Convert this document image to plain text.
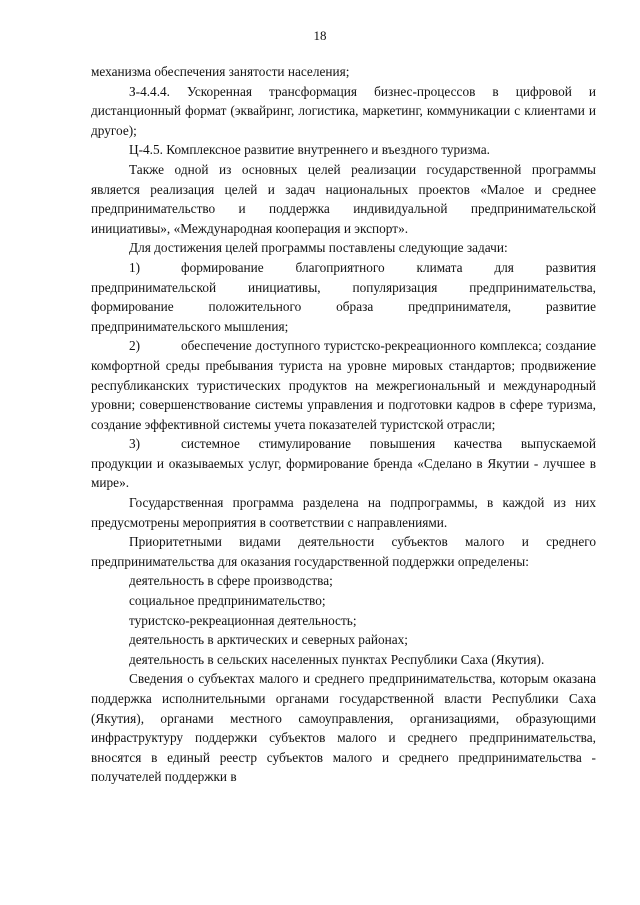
18

механизма обеспечения занятости населения;

З-4.4.4. Ускоренная трансформация бизнес-процессов в цифровой и дистанционный формат (эквайринг, логистика, маркетинг, коммуникации с клиентами и другое);

Ц-4.5. Комплексное развитие внутреннего и въездного туризма.

Также одной из основных целей реализации государственной программы является реализация целей и задач национальных проектов «Малое и среднее предпринимательство и поддержка индивидуальной предпринимательской инициативы», «Международная кооперация и экспорт».

Для достижения целей программы поставлены следующие задачи:

1)	формирование благоприятного климата для развития предпринимательской инициативы, популяризация предпринимательства, формирование положительного образа предпринимателя, развитие предпринимательского мышления;

2)	обеспечение доступного туристско-рекреационного комплекса; создание комфортной среды пребывания туриста на уровне мировых стандартов; продвижение республиканских туристических продуктов на межрегиональный и международный уровни; совершенствование системы управления и подготовки кадров в сфере туризма, создание эффективной системы учета показателей туристской отрасли;

3)	системное стимулирование повышения качества выпускаемой продукции и оказываемых услуг, формирование бренда «Сделано в Якутии - лучшее в мире».

Государственная программа разделена на подпрограммы, в каждой из них предусмотрены мероприятия в соответствии с направлениями.

Приоритетными видами деятельности субъектов малого и среднего предпринимательства для оказания государственной поддержки определены:

деятельность в сфере производства;

социальное предпринимательство;

туристско-рекреационная деятельность;

деятельность в арктических и северных районах;

деятельность в сельских населенных пунктах Республики Саха (Якутия).

Сведения о субъектах малого и среднего предпринимательства, которым оказана поддержка исполнительными органами государственной власти Республики Саха (Якутия), органами местного самоуправления, организациями, образующими инфраструктуру поддержки субъектов малого и среднего предпринимательства, вносятся в единый реестр субъектов малого и среднего предпринимательства - получателей поддержки в
